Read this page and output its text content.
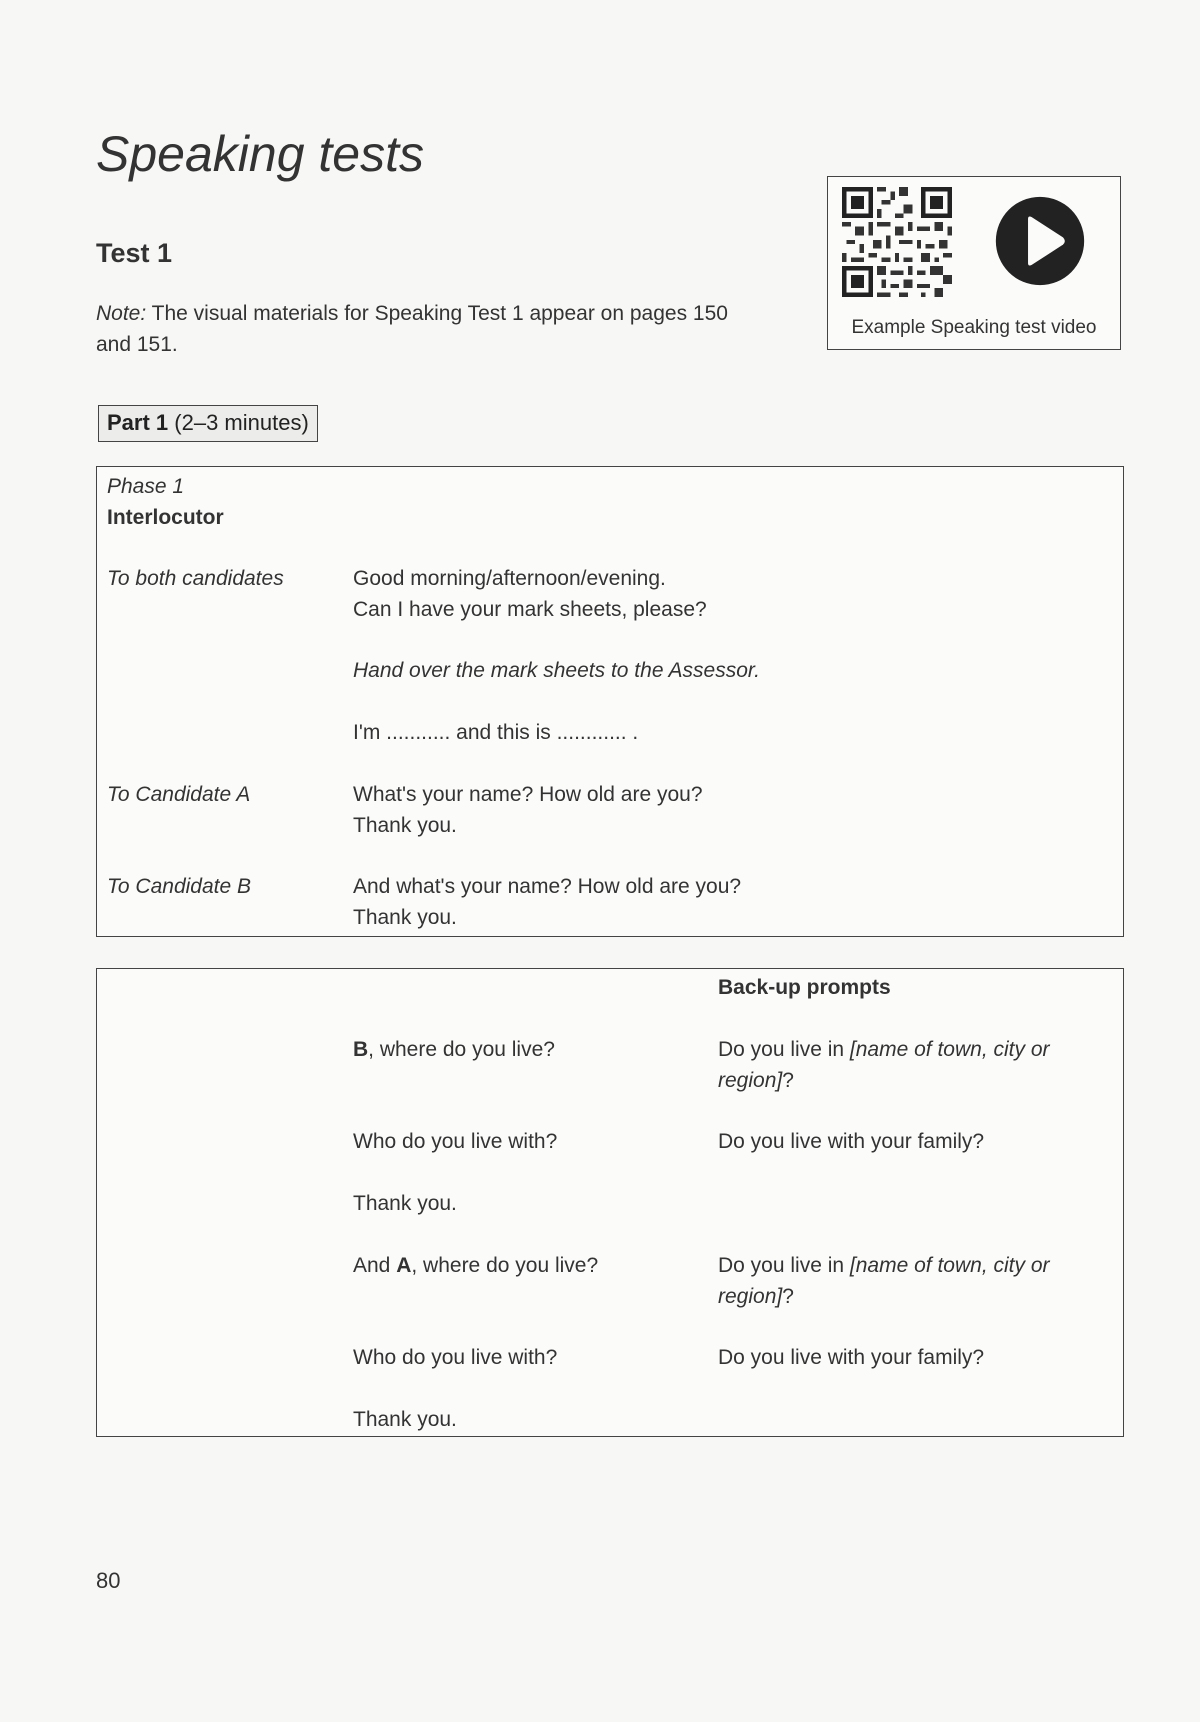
Speaking tests
Test 1
Note: The visual materials for Speaking Test 1 appear on pages 150 and 151.
Example Speaking test video
Part 1 (2–3 minutes)
Phase 1
Interlocutor
To both candidates	Good morning/afternoon/evening.
Can I have your mark sheets, please?
Hand over the mark sheets to the Assessor.
I'm ........... and this is ............ .
To Candidate A	What's your name? How old are you?
Thank you.
To Candidate B	And what's your name? How old are you?
Thank you.
Back-up prompts
B, where do you live?	Do you live in [name of town, city or region]?
Who do you live with?	Do you live with your family?
Thank you.
And A, where do you live?	Do you live in [name of town, city or region]?
Who do you live with?	Do you live with your family?
Thank you.
80
